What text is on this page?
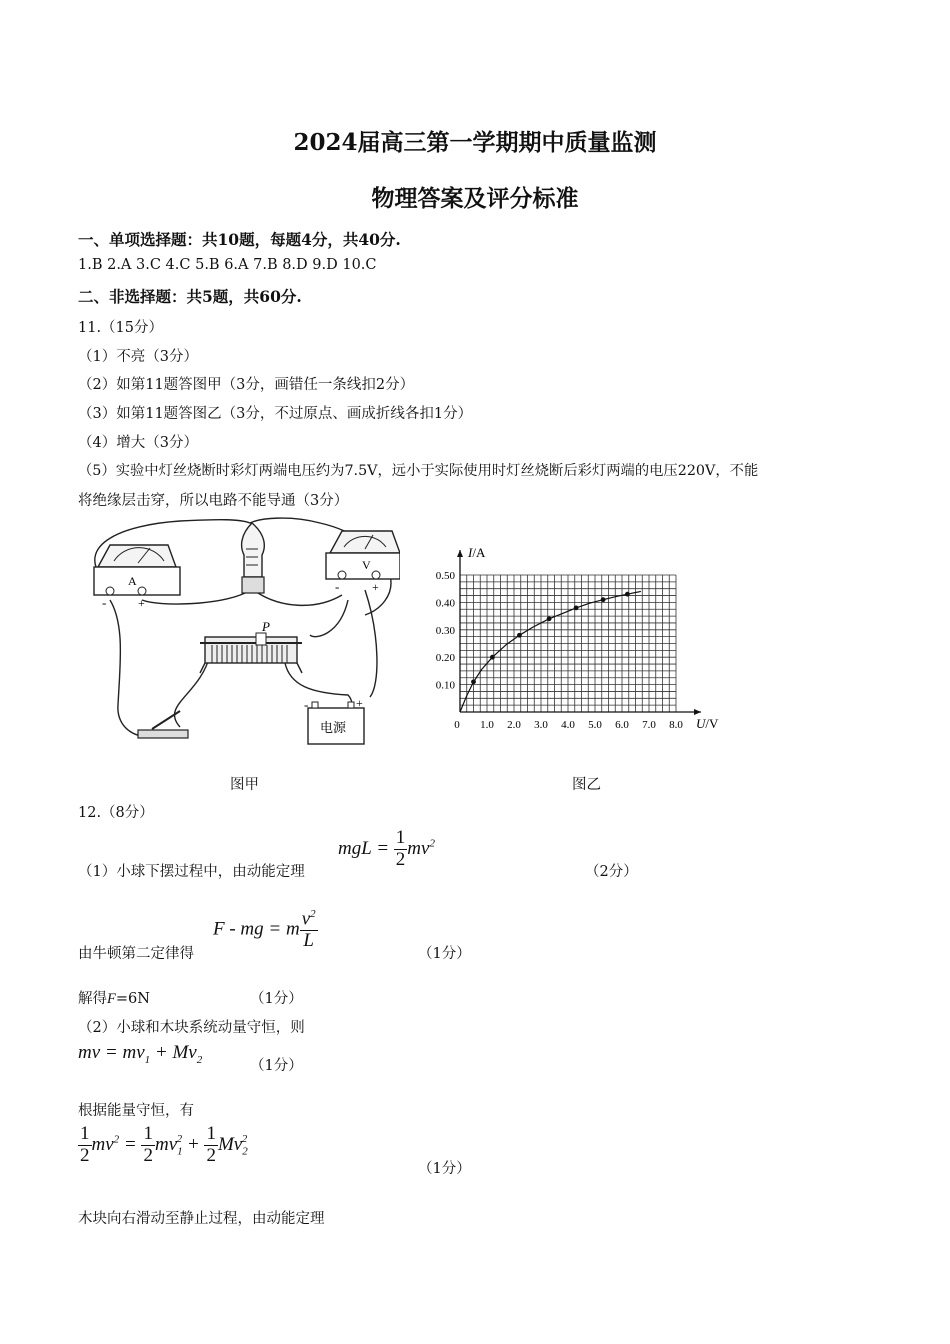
2024届高三第一学期期中质量监测
物理答案及评分标准
一、单项选择题：共10题，每题4分，共40分.
1.B 2.A 3.C 4.C 5.B 6.A 7.B 8.D 9.D 10.C
二、非选择题：共5题，共60分.
11.（15分）
（1）不亮（3分）
（2）如第11题答图甲（3分，画错任一条线扣2分）
（3）如第11题答图乙（3分，不过原点、画成折线各扣1分）
（4）增大（3分）
（5）实验中灯丝烧断时彩灯两端电压约为7.5V，远小于实际使用时灯丝烧断后彩灯两端的电压220V，不能
将绝缘层击穿，所以电路不能导通（3分）
A
-	+
V
-	+
P
-	+
电源
图甲
1.0 2.0 3.0 4.0 5.0 6.0 7.0 8.0
0.10
0.20
0.30
0.40
0.50
0	U/V
I/A
图乙
12.（8分）
mgL = $\frac{1}{2} mv^2$
（1）小球下摆过程中，由动能定理	（2分）
F - mg = m $\frac{v^2}{L}$
由牛顿第二定律得	（1分）
解得F=6N	（1分）
（2）小球和木块系统动量守恒，则
mv = $mv_1 + Mv_2$	（1分）
根据能量守恒，有
$\frac{1}{2} mv^2 = \frac{1}{2} mv_1^2 + \frac{1}{2} Mv_2^2$
（1分）
木块向右滑动至静止过程，由动能定理
